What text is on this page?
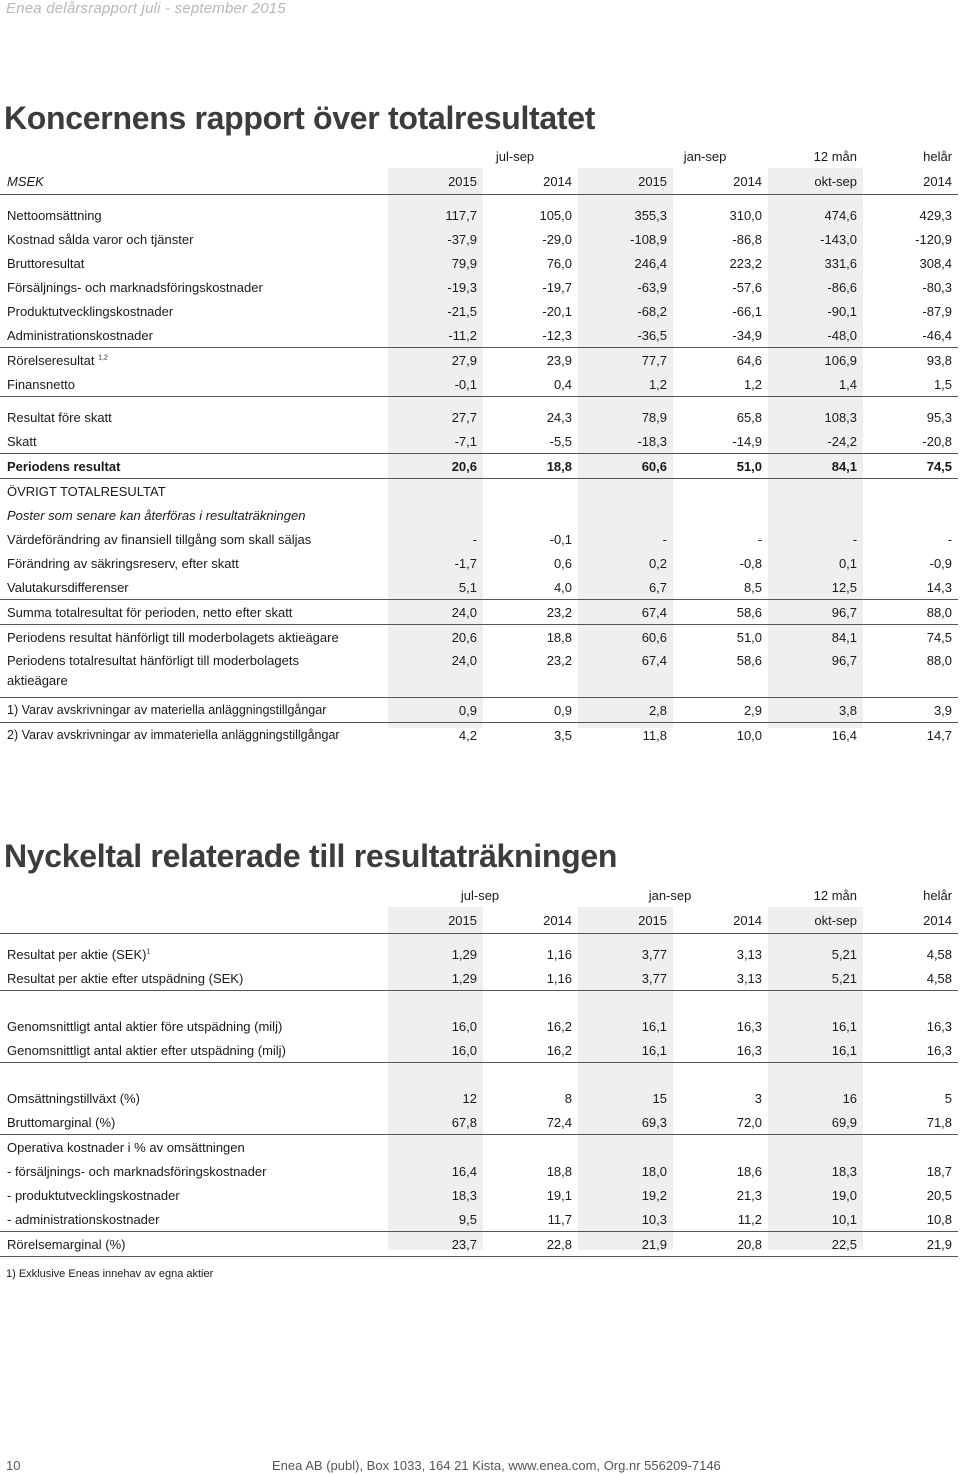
Enea delårsrapport juli - september 2015
Koncernens rapport över totalresultatet
	jul-sep		jan-sep		12 mån	helår
MSEK	2015	2014	2015	2014	okt-sep	2014

Nettoomsättning	117,7	105,0	355,3	310,0	474,6	429,3
Kostnad sålda varor och tjänster	-37,9	-29,0	-108,9	-86,8	-143,0	-120,9
Bruttoresultat	79,9	76,0	246,4	223,2	331,6	308,4
Försäljnings- och marknadsföringskostnader	-19,3	-19,7	-63,9	-57,6	-86,6	-80,3
Produktutvecklingskostnader	-21,5	-20,1	-68,2	-66,1	-90,1	-87,9
Administrationskostnader	-11,2	-12,3	-36,5	-34,9	-48,0	-46,4
Rörelseresultat $^{1,2}$	27,9	23,9	77,7	64,6	106,9	93,8
Finansnetto	-0,1	0,4	1,2	1,2	1,4	1,5

Resultat före skatt	27,7	24,3	78,9	65,8	108,3	95,3
Skatt	-7,1	-5,5	-18,3	-14,9	-24,2	-20,8
Periodens resultat	20,6	18,8	60,6	51,0	84,1	74,5
ÖVRIGT TOTALRESULTAT						
Poster som senare kan återföras i resultaträkningen						
Värdeförändring av finansiell tillgång som skall säljas	-	-0,1	-	-	-	-
Förändring av säkringsreserv, efter skatt	-1,7	0,6	0,2	-0,8	0,1	-0,9
Valutakursdifferenser	5,1	4,0	6,7	8,5	12,5	14,3
Summa totalresultat för perioden, netto efter skatt	24,0	23,2	67,4	58,6	96,7	88,0
Periodens resultat hänförligt till moderbolagets aktieägare	20,6	18,8	60,6	51,0	84,1	74,5
Periodens totalresultat hänförligt till moderbolagets
aktieägare	24,0	23,2	67,4	58,6	96,7	88,0
1) Varav avskrivningar av materiella anläggningstillgångar	0,9	0,9	2,8	2,9	3,8	3,9
2) Varav avskrivningar av immateriella anläggningstillgångar	4,2	3,5	11,8	10,0	16,4	14,7
Nyckeltal relaterade till resultaträkningen
	jul-sep		jan-sep		12 mån	helår
	2015	2014	2015	2014	okt-sep	2014

Resultat per aktie (SEK)$^1$	1,29	1,16	3,77	3,13	5,21	4,58
Resultat per aktie efter utspädning (SEK)	1,29	1,16	3,77	3,13	5,21	4,58

Genomsnittligt antal aktier före utspädning (milj)	16,0	16,2	16,1	16,3	16,1	16,3
Genomsnittligt antal aktier efter utspädning (milj)	16,0	16,2	16,1	16,3	16,1	16,3

Omsättningstillväxt (%)	12	8	15	3	16	5
Bruttomarginal (%)	67,8	72,4	69,3	72,0	69,9	71,8
Operativa kostnader i % av omsättningen						
- försäljnings- och marknadsföringskostnader	16,4	18,8	18,0	18,6	18,3	18,7
- produktutvecklingskostnader	18,3	19,1	19,2	21,3	19,0	20,5
- administrationskostnader	9,5	11,7	10,3	11,2	10,1	10,8
Rörelsemarginal (%)	23,7	22,8	21,9	20,8	22,5	21,9
1) Exklusive Eneas innehav av egna aktier
10	Enea AB (publ), Box 1033, 164 21 Kista, www.enea.com, Org.nr 556209-7146
